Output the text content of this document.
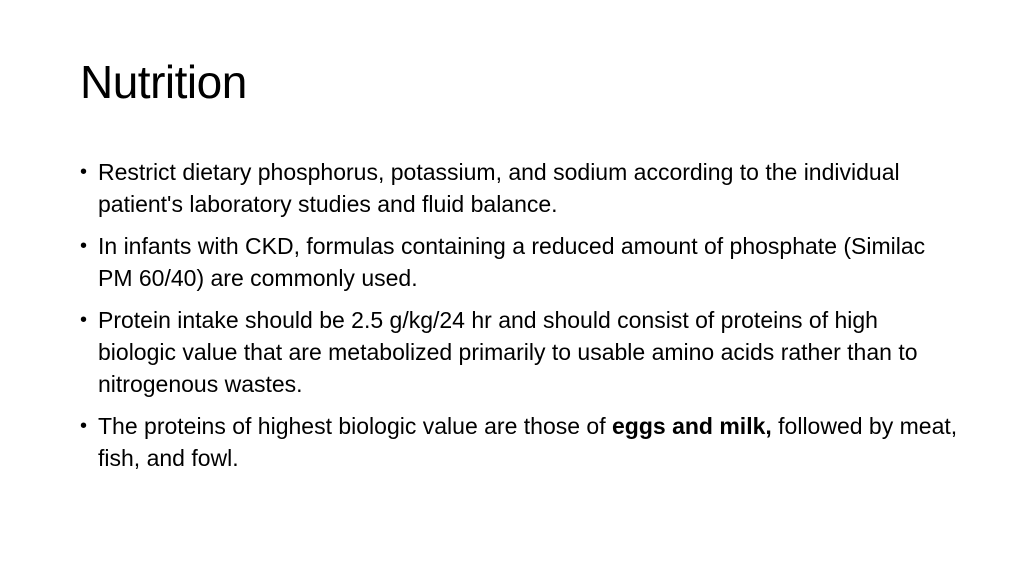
Nutrition
• Restrict dietary phosphorus, potassium, and sodium according to the individual patient's laboratory studies and fluid balance.
• In infants with CKD, formulas containing a reduced amount of phosphate (Similac PM 60/40) are commonly used.
• Protein intake should be 2.5 g/kg/24 hr and should consist of proteins of high biologic value that are metabolized primarily to usable amino acids rather than to nitrogenous wastes.
• The proteins of highest biologic value are those of eggs and milk, followed by meat, fish, and fowl.
